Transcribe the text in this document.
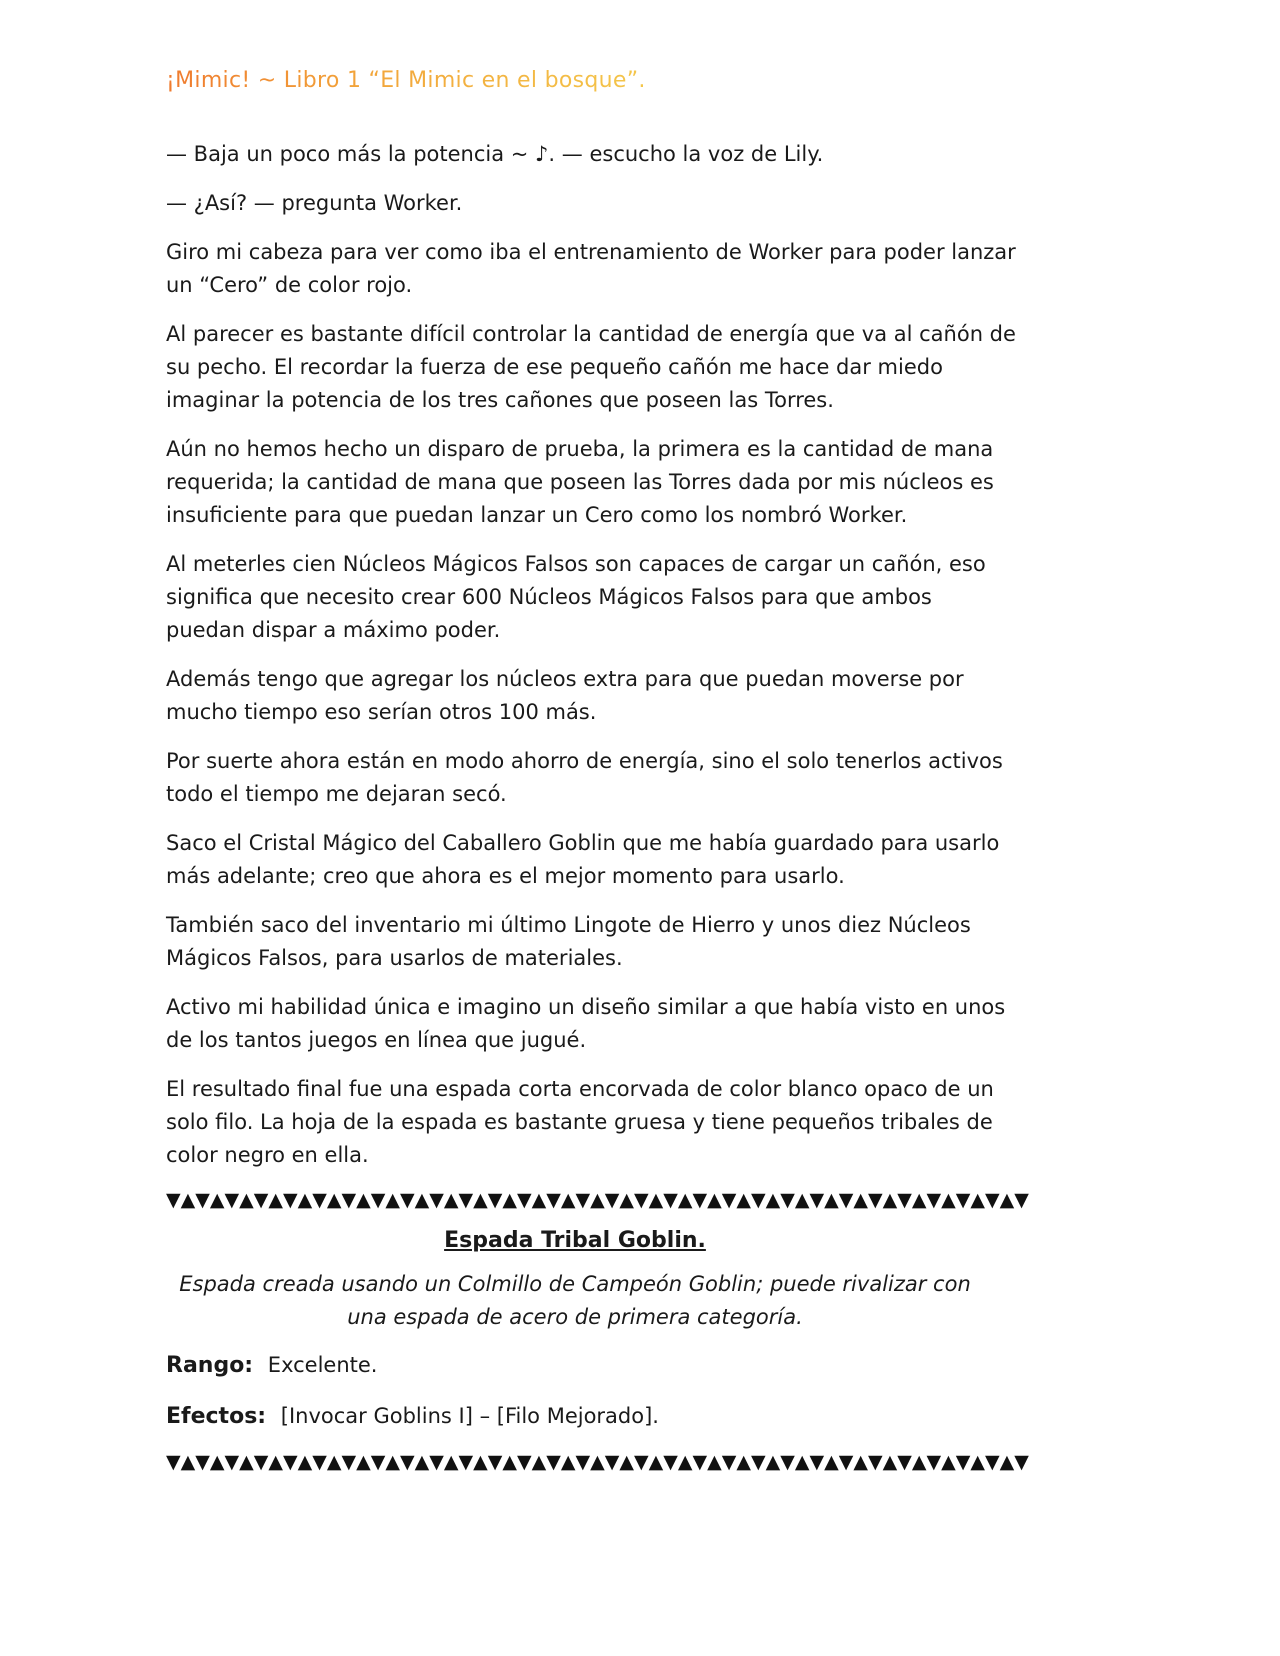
¡Mimic! ~ Libro 1 “El Mimic en el bosque”.

— Baja un poco más la potencia ~ ♪. — escucho la voz de Lily.

— ¿Así? — pregunta Worker.

Giro mi cabeza para ver como iba el entrenamiento de Worker para poder lanzar un “Cero” de color rojo.

Al parecer es bastante difícil controlar la cantidad de energía que va al cañón de su pecho. El recordar la fuerza de ese pequeño cañón me hace dar miedo imaginar la potencia de los tres cañones que poseen las Torres.

Aún no hemos hecho un disparo de prueba, la primera es la cantidad de mana requerida; la cantidad de mana que poseen las Torres dada por mis núcleos es insuficiente para que puedan lanzar un Cero como los nombró Worker.

Al meterles cien Núcleos Mágicos Falsos son capaces de cargar un cañón, eso significa que necesito crear 600 Núcleos Mágicos Falsos para que ambos puedan dispar a máximo poder.

Además tengo que agregar los núcleos extra para que puedan moverse por mucho tiempo eso serían otros 100 más.

Por suerte ahora están en modo ahorro de energía, sino el solo tenerlos activos todo el tiempo me dejaran secó.

Saco el Cristal Mágico del Caballero Goblin que me había guardado para usarlo más adelante; creo que ahora es el mejor momento para usarlo.

También saco del inventario mi último Lingote de Hierro y unos diez Núcleos Mágicos Falsos, para usarlos de materiales.

Activo mi habilidad única e imagino un diseño similar a que había visto en unos de los tantos juegos en línea que jugué.

El resultado final fue una espada corta encorvada de color blanco opaco de un solo filo. La hoja de la espada es bastante gruesa y tiene pequeños tribales de color negro en ella.

▼ ▲ ▼ ▲ ▼ ▲ ▼ ▲ ▼ ▲ ▼ ▲ ▼ ▲ ▼ ▲ ▼ ▲ ▼ ▲ ▼ ▲ ▼ ▲ ▼ ▲ ▼ ▲ ▼ ▲ ▼ ▲ ▼ ▲ ▼ ▲ ▼ ▲ ▼ ▲ ▼ ▲ ▼ ▲ ▼ ▲ ▼ ▲ ▼ ▲ ▼ ▲ ▼ ▲ ▼ ▲ ▼ ▲ ▼
Espada Tribal Goblin.
Espada creada usando un Colmillo de Campeón Goblin; puede rivalizar con una espada de acero de primera categoría.
Rango: Excelente.
Efectos: [Invocar Goblins I] – [Filo Mejorado].
▼ ▲ ▼ ▲ ▼ ▲ ▼ ▲ ▼ ▲ ▼ ▲ ▼ ▲ ▼ ▲ ▼ ▲ ▼ ▲ ▼ ▲ ▼ ▲ ▼ ▲ ▼ ▲ ▼ ▲ ▼ ▲ ▼ ▲ ▼ ▲ ▼ ▲ ▼ ▲ ▼ ▲ ▼ ▲ ▼ ▲ ▼ ▲ ▼ ▲ ▼ ▲ ▼ ▲ ▼ ▲ ▼ ▲ ▼
